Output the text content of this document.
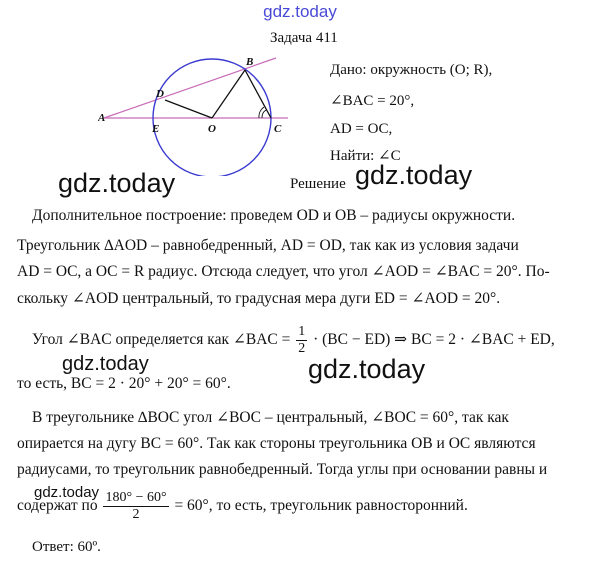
gdz.today
Задача 411
A
B
C
D
E	O
Дано: окружность (O; R),
∠BAC = 20°,
AD = OC,
Найти: ∠C
Решение
gdz.today	gdz.today
Дополнительное построение: проведем OD и OB – радиусы окружности.
Треугольник ∆AOD – равнобедренный, AD = OD, так как из условия задачи
AD = OC, а OC = R радиус. Отсюда следует, что угол ∠AOD = ∠BAC = 20°. По-
скольку ∠AOD центральный, то градусная мера дуги ED = ∠AOD = 20°.
Угол ∠BAC определяется как ∠BAC = $\frac{1}{2} \cdot (BC - ED)$ ⇒ BC = 2 · ∠BAC + ED,
gdz.today
то есть, BC = 2 · 20° + 20° = 60°.	gdz.today
В треугольнике ∆BOC угол ∠BOC – центральный, ∠BOC = 60°, так как
опирается на дугу BC = 60°. Так как стороны треугольника OB и OC являются
радиусами, то треугольник равнобедренный. Тогда углы при основании равны и
gdz.today
содержат по $\frac{180^\circ - 60^\circ}{2} = 60^\circ$, то есть, треугольник равносторонний.
Ответ: 60º.
